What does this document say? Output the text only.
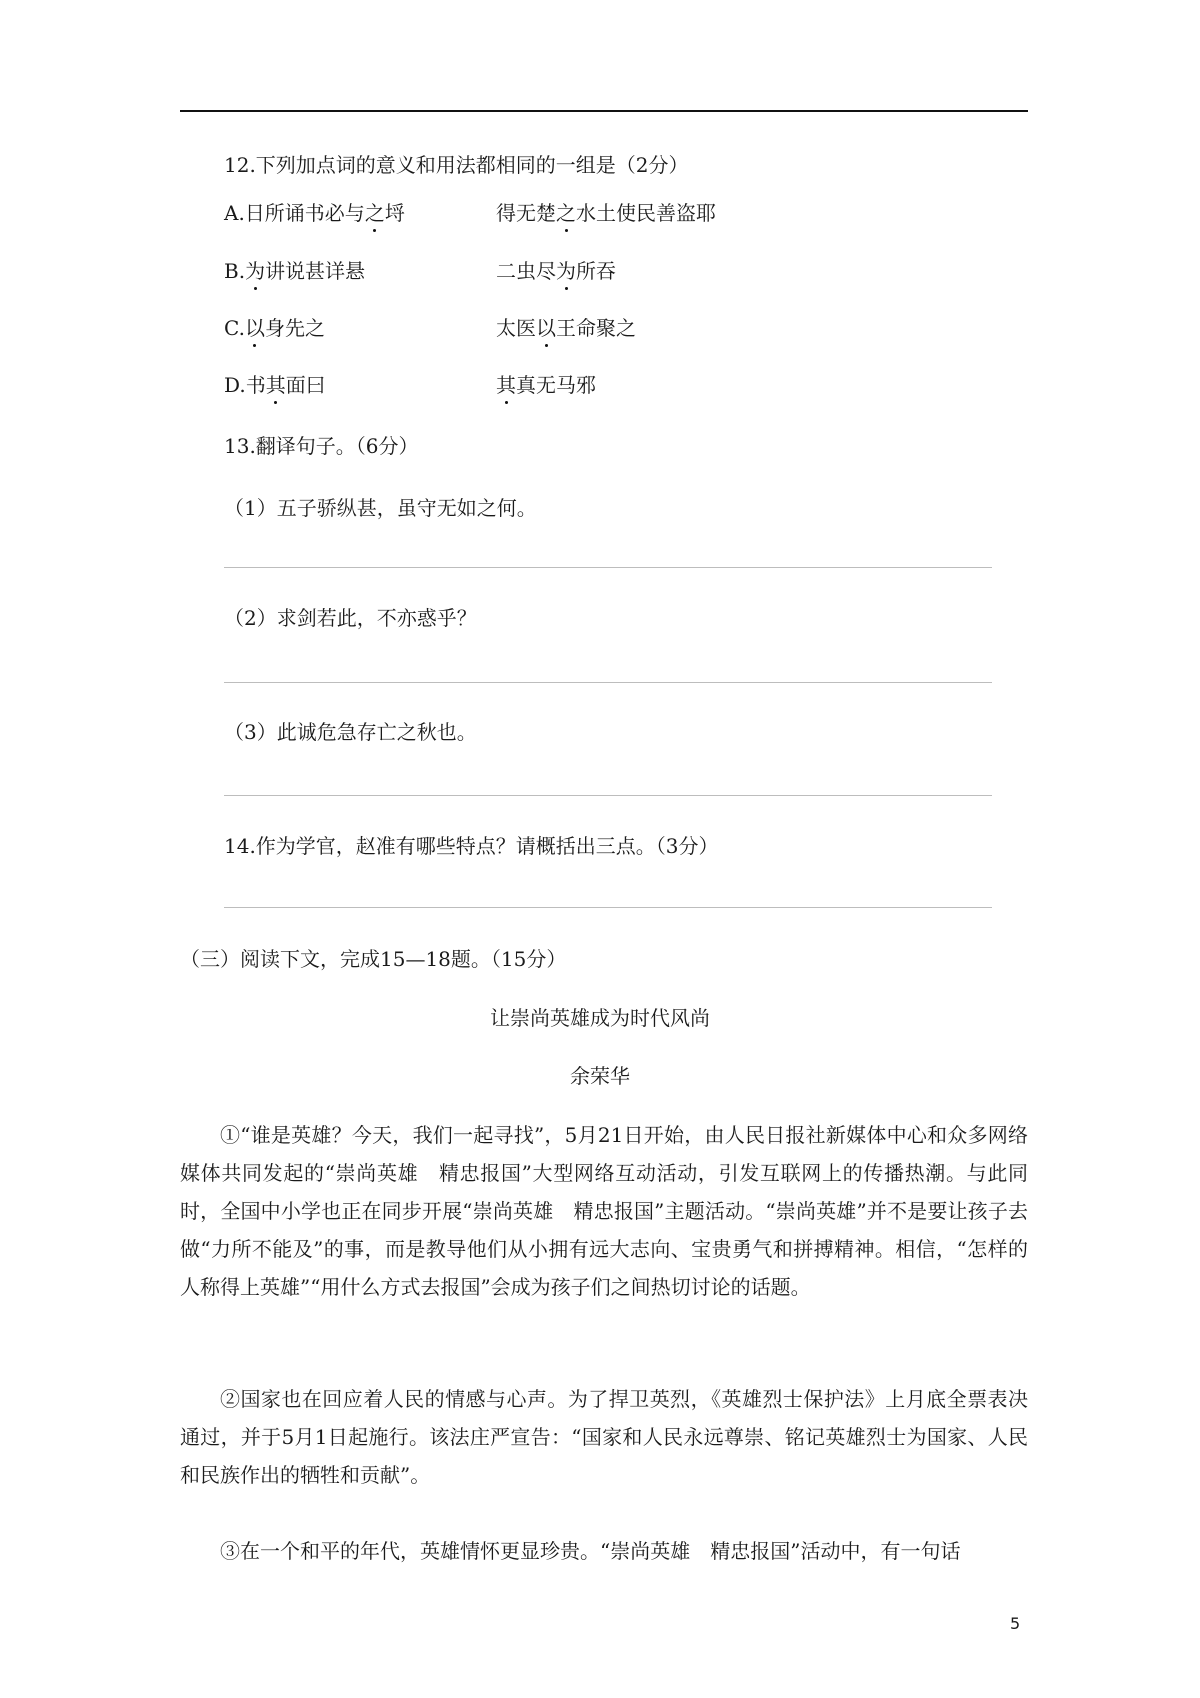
12.下列加点词的意义和用法都相同的一组是（2分）
A.日所诵书必与之埒	得无楚之水土使民善盗耶
B.为讲说甚详悬	二虫尽为所吞
C.以身先之	太医以王命聚之
D.书其面曰	其真无马邪
13.翻译句子。（6分）
（1）五子骄纵甚，虽守无如之何。
（2）求剑若此，不亦惑乎？
（3）此诚危急存亡之秋也。
14.作为学官，赵准有哪些特点？请概括出三点。（3分）
（三）阅读下文，完成15—18题。（15分）
让崇尚英雄成为时代风尚
余荣华
①“谁是英雄？今天，我们一起寻找”，5月21日开始，由人民日报社新媒体中心和众多网络媒体共同发起的“崇尚英雄　精忠报国”大型网络互动活动，引发互联网上的传播热潮。与此同时，全国中小学也正在同步开展“崇尚英雄　精忠报国”主题活动。“崇尚英雄”并不是要让孩子去做“力所不能及”的事，而是教导他们从小拥有远大志向、宝贵勇气和拼搏精神。相信，“怎样的人称得上英雄”“用什么方式去报国”会成为孩子们之间热切讨论的话题。
②国家也在回应着人民的情感与心声。为了捍卫英烈，《英雄烈士保护法》上月底全票表决通过，并于5月1日起施行。该法庄严宣告：“国家和人民永远尊崇、铭记英雄烈士为国家、人民和民族作出的牺牲和贡献”。
③在一个和平的年代，英雄情怀更显珍贵。“崇尚英雄　精忠报国”活动中，有一句话
5
